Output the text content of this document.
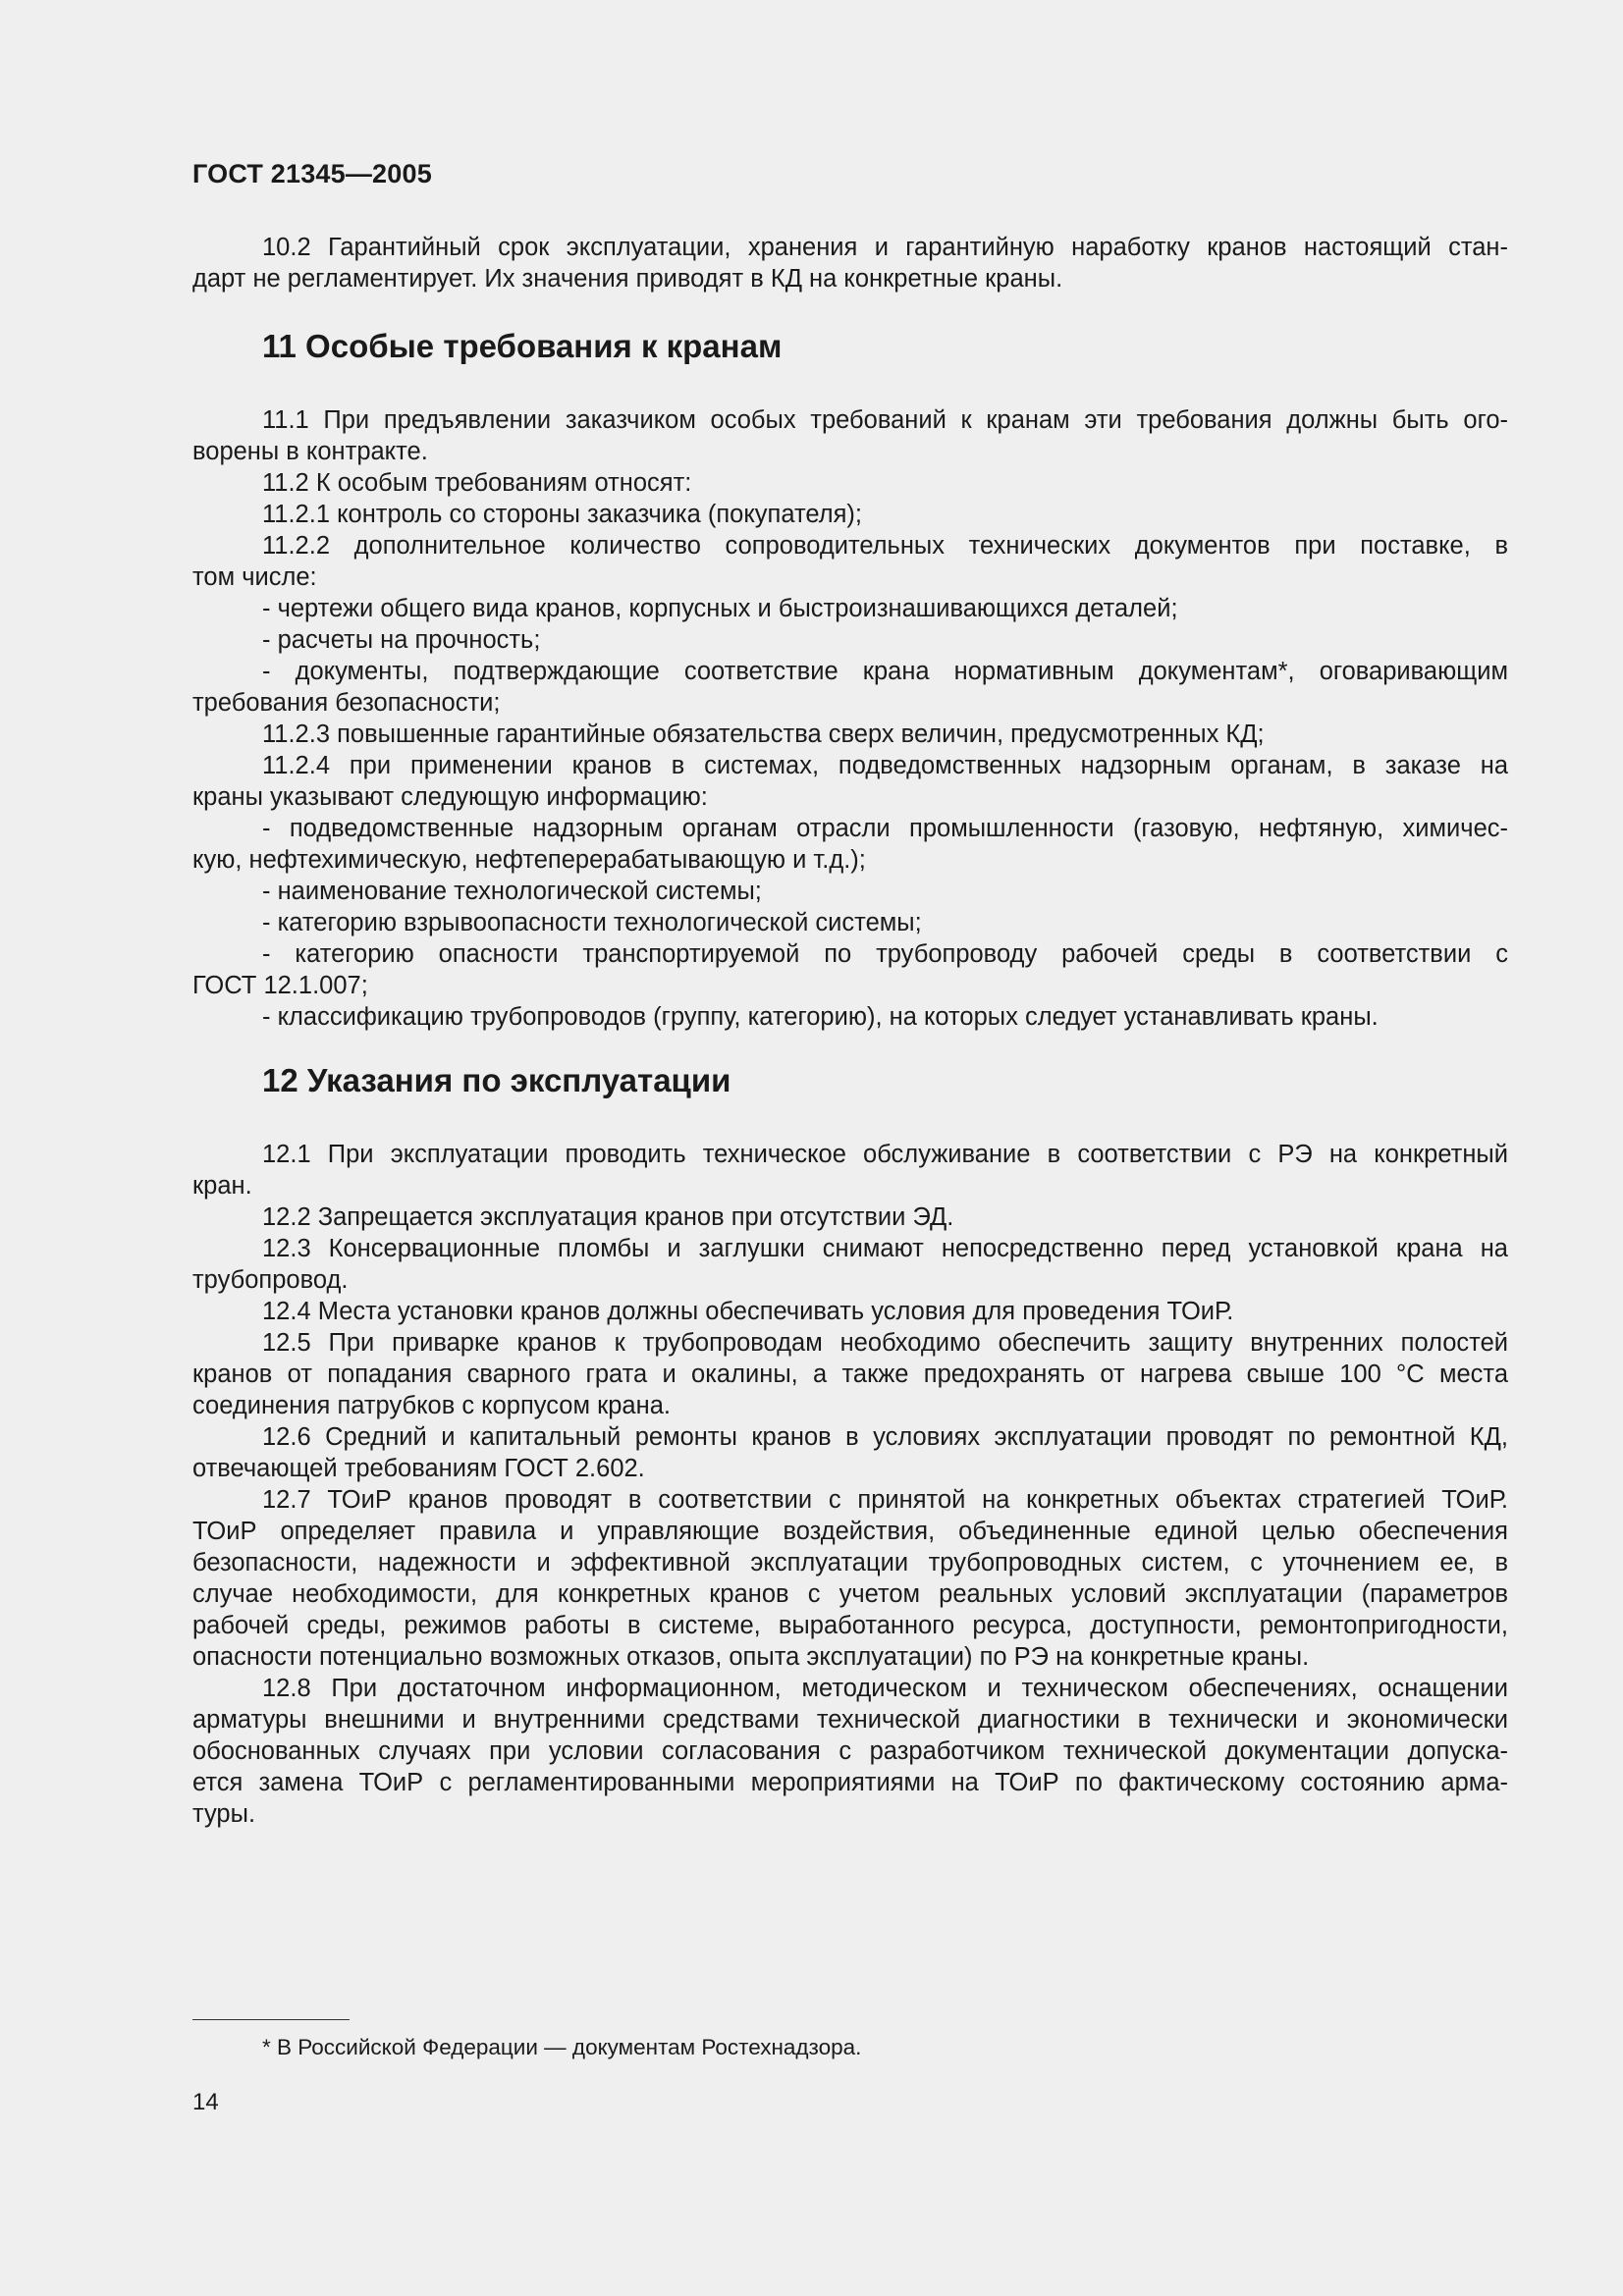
ГОСТ 21345—2005
10.2 Гарантийный срок эксплуатации, хранения и гарантийную наработку кранов настоящий стан-
дарт не регламентирует. Их значения приводят в КД на конкретные краны.
11 Особые требования к кранам
11.1 При предъявлении заказчиком особых требований к кранам эти требования должны быть ого-
ворены в контракте.
11.2 К особым требованиям относят:
11.2.1 контроль со стороны заказчика (покупателя);
11.2.2 дополнительное количество сопроводительных технических документов при поставке, в
том числе:
- чертежи общего вида кранов, корпусных и быстроизнашивающихся деталей;
- расчеты на прочность;
- документы, подтверждающие соответствие крана нормативным документам*, оговаривающим
требования безопасности;
11.2.3 повышенные гарантийные обязательства сверх величин, предусмотренных КД;
11.2.4 при применении кранов в системах, подведомственных надзорным органам, в заказе на
краны указывают следующую информацию:
- подведомственные надзорным органам отрасли промышленности (газовую, нефтяную, химичес-
кую, нефтехимическую, нефтеперерабатывающую и т.д.);
- наименование технологической системы;
- категорию взрывоопасности технологической системы;
- категорию опасности транспортируемой по трубопроводу рабочей среды в соответствии с
ГОСТ 12.1.007;
- классификацию трубопроводов (группу, категорию), на которых следует устанавливать краны.
12 Указания по эксплуатации
12.1 При эксплуатации проводить техническое обслуживание в соответствии с РЭ на конкретный
кран.
12.2 Запрещается эксплуатация кранов при отсутствии ЭД.
12.3 Консервационные пломбы и заглушки снимают непосредственно перед установкой крана на
трубопровод.
12.4 Места установки кранов должны обеспечивать условия для проведения ТОиР.
12.5 При приварке кранов к трубопроводам необходимо обеспечить защиту внутренних полостей
кранов от попадания сварного грата и окалины, а также предохранять от нагрева свыше 100 °С места
соединения патрубков с корпусом крана.
12.6 Средний и капитальный ремонты кранов в условиях эксплуатации проводят по ремонтной КД,
отвечающей требованиям ГОСТ 2.602.
12.7 ТОиР кранов проводят в соответствии с принятой на конкретных объектах стратегией ТОиР.
ТОиР определяет правила и управляющие воздействия, объединенные единой целью обеспечения
безопасности, надежности и эффективной эксплуатации трубопроводных систем, с уточнением ее, в
случае необходимости, для конкретных кранов с учетом реальных условий эксплуатации (параметров
рабочей среды, режимов работы в системе, выработанного ресурса, доступности, ремонтопригодности,
опасности потенциально возможных отказов, опыта эксплуатации) по РЭ на конкретные краны.
12.8 При достаточном информационном, методическом и техническом обеспечениях, оснащении
арматуры внешними и внутренними средствами технической диагностики в технически и экономически
обоснованных случаях при условии согласования с разработчиком технической документации допуска-
ется замена ТОиР с регламентированными мероприятиями на ТОиР по фактическому состоянию арма-
туры.
* В Российской Федерации — документам Ростехнадзора.
14
